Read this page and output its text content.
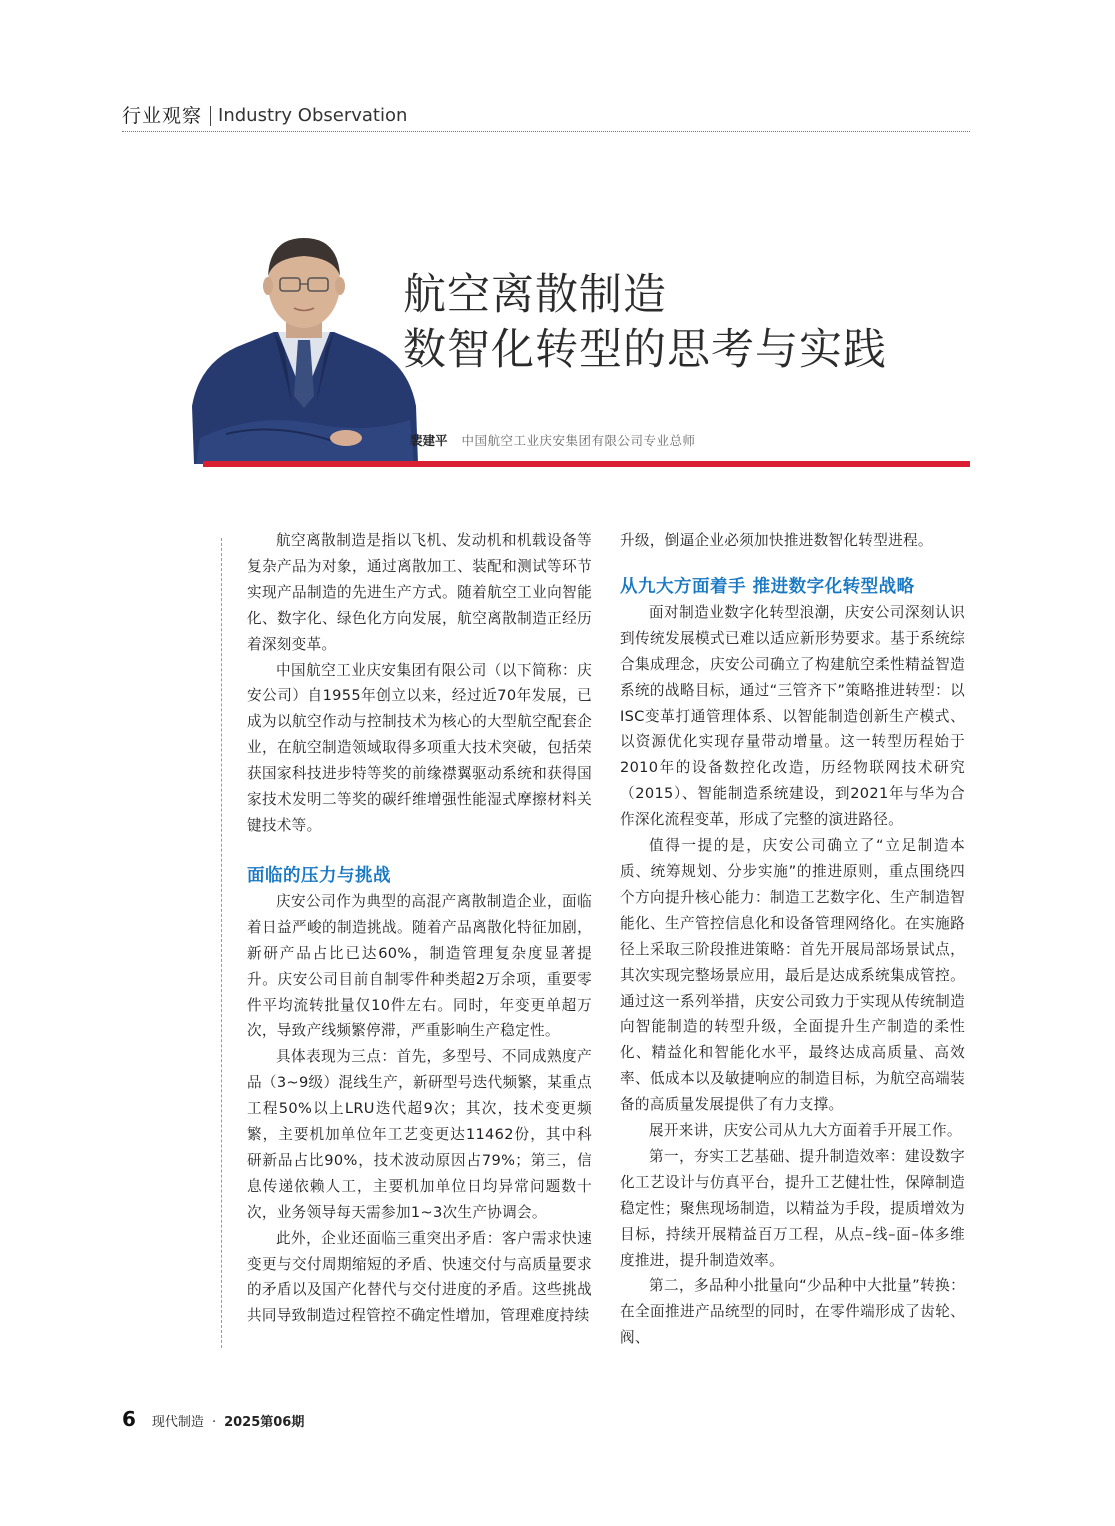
行业观察 Industry Observation
航空离散制造
数智化转型的思考与实践
裴建平 中国航空工业庆安集团有限公司专业总师

航空离散制造是指以飞机、发动机和机载设备等复杂产品为对象，通过离散加工、装配和测试等环节实现产品制造的先进生产方式。随着航空工业向智能化、数字化、绿色化方向发展，航空离散制造正经历着深刻变革。

中国航空工业庆安集团有限公司（以下简称：庆安公司）自1955年创立以来，经过近70年发展，已成为以航空作动与控制技术为核心的大型航空配套企业，在航空制造领域取得多项重大技术突破，包括荣获国家科技进步特等奖的前缘襟翼驱动系统和获得国家技术发明二等奖的碳纤维增强性能湿式摩擦材料关键技术等。

面临的压力与挑战

庆安公司作为典型的高混产离散制造企业，面临着日益严峻的制造挑战。随着产品离散化特征加剧，新研产品占比已达60%，制造管理复杂度显著提升。庆安公司目前自制零件种类超2万余项，重要零件平均流转批量仅10件左右。同时，年变更单超万次，导致产线频繁停滞，严重影响生产稳定性。

具体表现为三点：首先，多型号、不同成熟度产品（3~9级）混线生产，新研型号迭代频繁，某重点工程50%以上LRU迭代超9次；其次，技术变更频繁，主要机加单位年工艺变更达11462份，其中科研新品占比90%，技术波动原因占79%；第三，信息传递依赖人工，主要机加单位日均异常问题数十次，业务领导每天需参加1~3次生产协调会。

此外，企业还面临三重突出矛盾：客户需求快速变更与交付周期缩短的矛盾、快速交付与高质量要求的矛盾以及国产化替代与交付进度的矛盾。这些挑战共同导致制造过程管控不确定性增加，管理难度持续

升级，倒逼企业必须加快推进数智化转型进程。

从九大方面着手 推进数字化转型战略

面对制造业数字化转型浪潮，庆安公司深刻认识到传统发展模式已难以适应新形势要求。基于系统综合集成理念，庆安公司确立了构建航空柔性精益智造系统的战略目标，通过“三管齐下”策略推进转型：以ISC变革打通管理体系、以智能制造创新生产模式、以资源优化实现存量带动增量。这一转型历程始于2010年的设备数控化改造，历经物联网技术研究（2015）、智能制造系统建设，到2021年与华为合作深化流程变革，形成了完整的演进路径。

值得一提的是，庆安公司确立了“立足制造本质、统筹规划、分步实施”的推进原则，重点围绕四个方向提升核心能力：制造工艺数字化、生产制造智能化、生产管控信息化和设备管理网络化。在实施路径上采取三阶段推进策略：首先开展局部场景试点，其次实现完整场景应用，最后是达成系统集成管控。通过这一系列举措，庆安公司致力于实现从传统制造向智能制造的转型升级，全面提升生产制造的柔性化、精益化和智能化水平，最终达成高质量、高效率、低成本以及敏捷响应的制造目标，为航空高端装备的高质量发展提供了有力支撑。

展开来讲，庆安公司从九大方面着手开展工作。

第一，夯实工艺基础、提升制造效率：建设数字化工艺设计与仿真平台，提升工艺健壮性，保障制造稳定性；聚焦现场制造，以精益为手段，提质增效为目标，持续开展精益百万工程，从点–线–面–体多维度推进，提升制造效率。

第二，多品种小批量向“少品种中大批量”转换：在全面推进产品统型的同时，在零件端形成了齿轮、阀、

6 现代制造 · 2025第06期
